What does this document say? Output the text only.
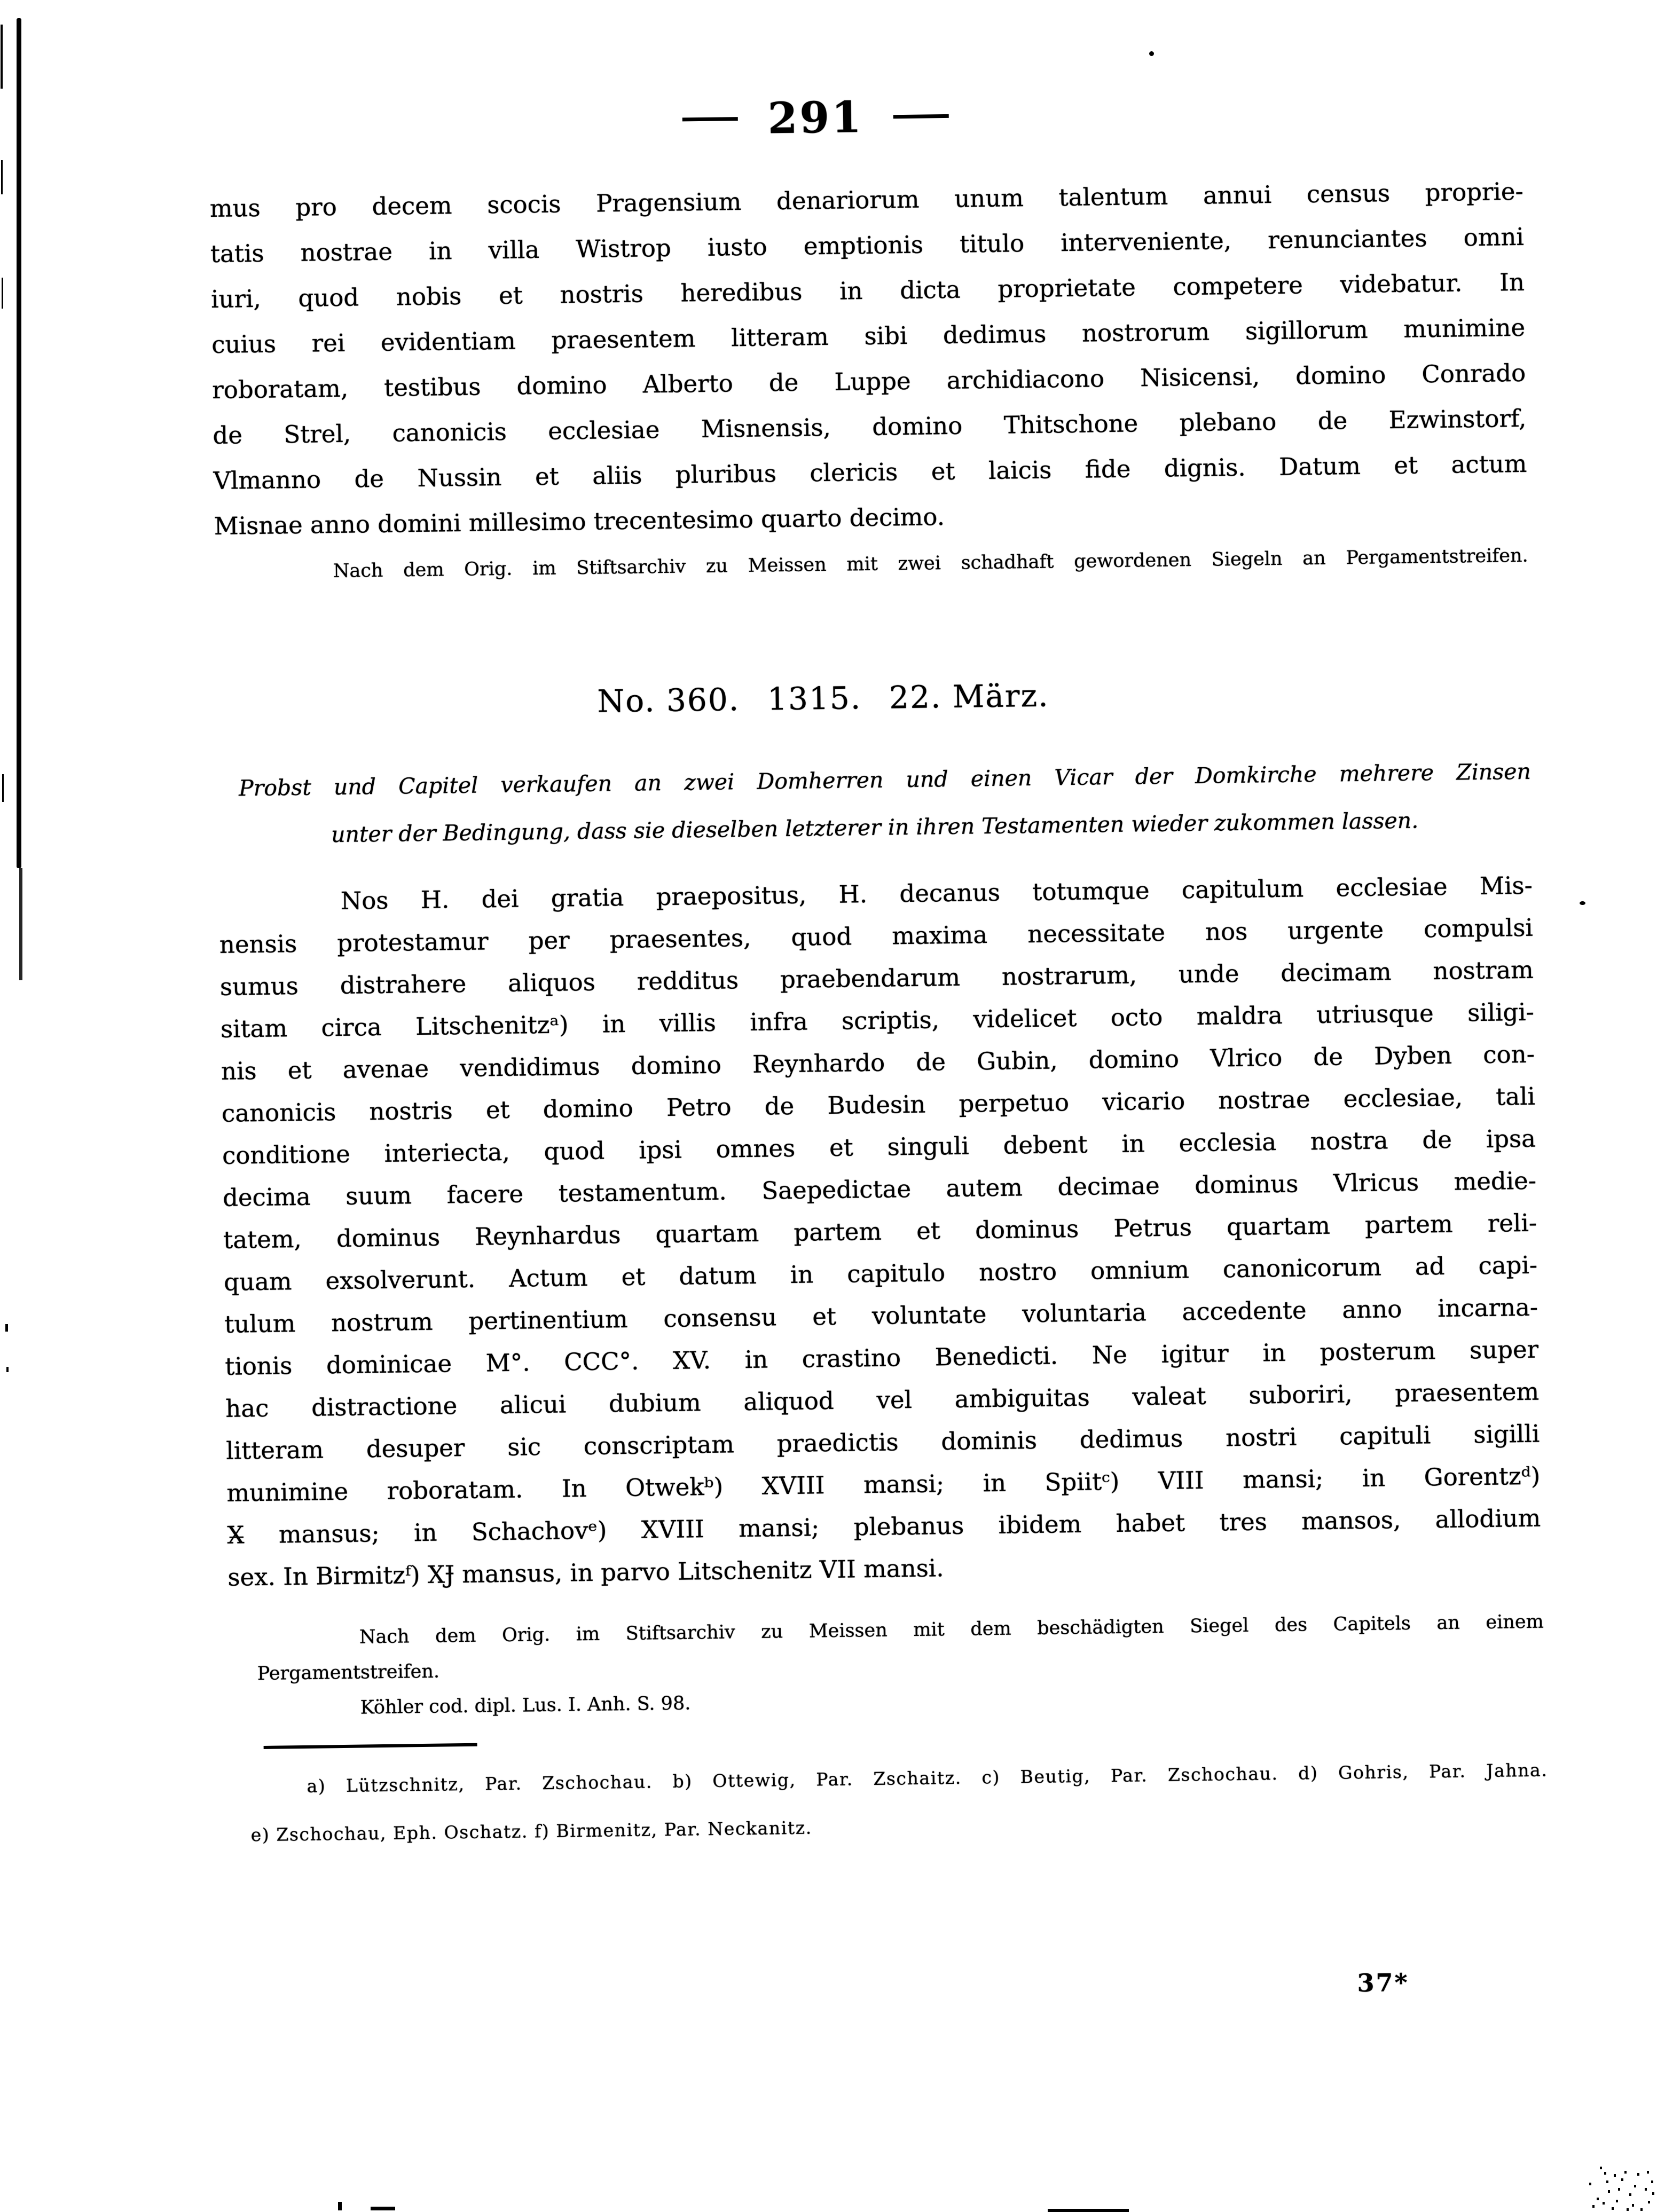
291
mus pro decem scocis Pragensium denariorum unum talentum annui census proprie-
tatis nostrae in villa Wistrop iusto emptionis titulo interveniente, renunciantes omni
iuri, quod nobis et nostris heredibus in dicta proprietate competere videbatur. In
cuius rei evidentiam praesentem litteram sibi dedimus nostrorum sigillorum munimine
roboratam, testibus domino Alberto de Luppe archidiacono Nisicensi, domino Conrado
de Strel, canonicis ecclesiae Misnensis, domino Thitschone plebano de Ezwinstorf,
Vlmanno de Nussin et aliis pluribus clericis et laicis fide dignis. Datum et actum
Misnae anno domini millesimo trecentesimo quarto decimo.
Nach dem Orig. im Stiftsarchiv zu Meissen mit zwei schadhaft gewordenen Siegeln an Pergamentstreifen.
No. 360. 1315. 22. März.
Probst und Capitel verkaufen an zwei Domherren und einen Vicar der Domkirche mehrere Zinsen
unter der Bedingung, dass sie dieselben letzterer in ihren Testamenten wieder zukommen lassen.
Nos H. dei gratia praepositus, H. decanus totumque capitulum ecclesiae Mis-
nensis protestamur per praesentes, quod maxima necessitate nos urgente compulsi
sumus distrahere aliquos redditus praebendarum nostrarum, unde decimam nostram
sitam circa Litschenitzᵃ) in villis infra scriptis, videlicet octo maldra utriusque siligi-
nis et avenae vendidimus domino Reynhardo de Gubin, domino Vlrico de Dyben con-
canonicis nostris et domino Petro de Budesin perpetuo vicario nostrae ecclesiae, tali
conditione interiecta, quod ipsi omnes et singuli debent in ecclesia nostra de ipsa
decima suum facere testamentum. Saepedictae autem decimae dominus Vlricus medie-
tatem, dominus Reynhardus quartam partem et dominus Petrus quartam partem reli-
quam exsolverunt. Actum et datum in capitulo nostro omnium canonicorum ad capi-
tulum nostrum pertinentium consensu et voluntate voluntaria accedente anno incarna-
tionis dominicae M°. CCC°. XV. in crastino Benedicti. Ne igitur in posterum super
hac distractione alicui dubium aliquod vel ambiguitas valeat suboriri, praesentem
litteram desuper sic conscriptam praedictis dominis dedimus nostri capituli sigilli
munimine roboratam. In Otwekᵇ) XVIII mansi; in Spiitᶜ) VIII mansi; in Gorentzᵈ)
X̶ mansus; in Schachovᵉ) XVIII mansi; plebanus ibidem habet tres mansos, allodium
sex. In Birmitzᶠ) XɈ mansus, in parvo Litschenitz VII mansi.
Nach dem Orig. im Stiftsarchiv zu Meissen mit dem beschädigten Siegel des Capitels an einem
Pergamentstreifen.
Köhler cod. dipl. Lus. I. Anh. S. 98.
a) Lützschnitz, Par. Zschochau. b) Ottewig, Par. Zschaitz. c) Beutig, Par. Zschochau. d) Gohris, Par. Jahna.
e) Zschochau, Eph. Oschatz. f) Birmenitz, Par. Neckanitz.
37*
